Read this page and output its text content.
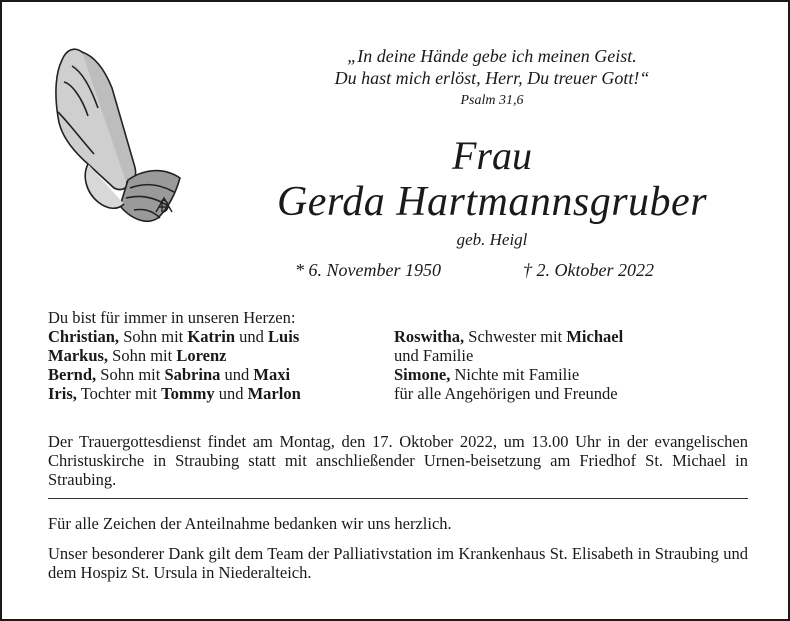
„In deine Hände gebe ich meinen Geist.
Du hast mich erlöst, Herr, Du treuer Gott!“
Psalm 31,6
Frau
Gerda Hartmannsgruber
geb. Heigl
* 6. November 1950	† 2. Oktober 2022
Du bist für immer in unseren Herzen:
Christian, Sohn mit Katrin und Luis
Markus, Sohn mit Lorenz
Bernd, Sohn mit Sabrina und Maxi
Iris, Tochter mit Tommy und Marlon
Roswitha, Schwester mit Michael
und Familie
Simone, Nichte mit Familie
für alle Angehörigen und Freunde
Der Trauergottesdienst findet am Montag, den 17. Oktober 2022, um 13.00 Uhr in der evangelischen Christuskirche in Straubing statt mit anschließender Urnen-beisetzung am Friedhof St. Michael in Straubing.
Für alle Zeichen der Anteilnahme bedanken wir uns herzlich.
Unser besonderer Dank gilt dem Team der Palliativstation im Krankenhaus St. Elisabeth in Straubing und dem Hospiz St. Ursula in Niederalteich.
